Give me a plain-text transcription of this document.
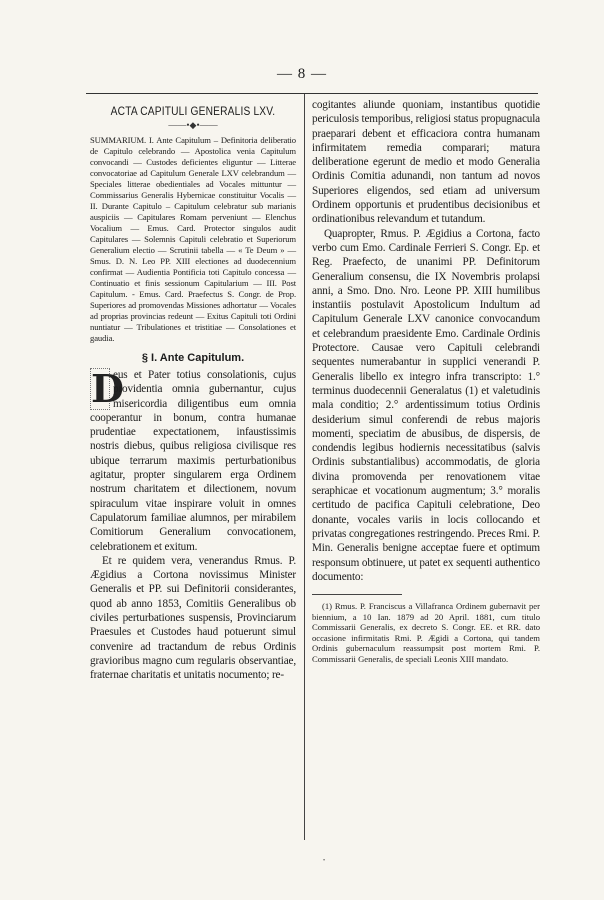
— 8 —
ACTA CAPITULI GENERALIS LXV.
——•◆•——

SUMMARIUM. I. Ante Capitulum – Definitoria deliberatio de Capitulo celebrando — Apostolica venia Capitulum convocandi — Custodes deficientes eliguntur — Litterae convocatoriae ad Capitulum Generale LXV celebrandum — Speciales litterae obedientiales ad Vocales mittuntur — Commissarius Generalis Hybernicae constituitur Vocalis — II. Durante Capitulo – Capitulum celebratur sub marianis auspiciis — Capitulares Romam perveniunt — Elenchus Vocalium — Emus. Card. Protector singulos audit Capitulares — Solemnis Capituli celebratio et Superiorum Generalium electio — Scrutinii tabella — « Te Deum » — Smus. D. N. Leo PP. XIII electiones ad duodecennium confirmat — Audientia Pontificia toti Capitulo concessa — Continuatio et finis sessionum Capitularium — III. Post Capitulum. - Emus. Card. Praefectus S. Congr. de Prop. Superiores ad promovendas Missiones adhortatur — Vocales ad proprias provincias redeunt — Exitus Capituli toti Ordini nuntiatur — Tribulationes et tristitiae — Consolationes et gaudia.

§ I. Ante Capitulum.

D
eus et Pater totius consolationis, cujus providentia omnia gubernantur, cujus misericordia diligentibus eum omnia cooperantur in bonum, contra humanae prudentiae expectationem, infaustissimis nostris diebus, quibus religiosa civilisque res ubique terrarum maximis perturbationibus agitatur, propter singularem erga Ordinem nostrum charitatem et dilectionem, novum spiraculum vitae inspirare voluit in omnes Capulatorum familiae alumnos, per mirabilem Comitiorum Generalium convocationem, celebrationem et exitum.

Et re quidem vera, venerandus Rmus. P. Ægidius a Cortona novissimus Minister Generalis et PP. sui Definitorii considerantes, quod ab anno 1853, Comitiis Generalibus ob civiles perturbationes suspensis, Provinciarum Praesules et Custodes haud potuerunt simul convenire ad tractandum de rebus Ordinis gravioribus magno cum regularis observantiae, fraternae charitatis et unitatis nocumento; re-

cogitantes aliunde quoniam, instantibus quotidie periculosis temporibus, religiosi status propugnacula praeparari debent et efficaciora contra humanam infirmitatem remedia comparari; matura deliberatione egerunt de medio et modo Generalia Ordinis Comitia adunandi, non tantum ad novos Superiores eligendos, sed etiam ad universum Ordinem opportunis et prudentibus decisionibus et ordinationibus relevandum et tutandum.

Quapropter, Rmus. P. Ægidius a Cortona, facto verbo cum Emo. Cardinale Ferrieri S. Congr. Ep. et Reg. Praefecto, de unanimi PP. Definitorum Generalium consensu, die IX Novembris prolapsi anni, a Smo. Dno. Nro. Leone PP. XIII humilibus instantiis postulavit Apostolicum Indultum ad Capitulum Generale LXV canonice convocandum et celebrandum praesidente Emo. Cardinale Ordinis Protectore. Causae vero Capituli celebrandi sequentes numerabantur in supplici venerandi P. Generalis libello ex integro infra transcripto: 1.° terminus duodecennii Generalatus (1) et valetudinis mala conditio; 2.° ardentissimum totius Ordinis desiderium simul conferendi de rebus majoris momenti, speciatim de abusibus, de dispersis, de condendis legibus hodiernis necessitatibus (salvis Ordinis substantialibus) accommodatis, de gloria divina promovenda per renovationem vitae seraphicae et vocationum augmentum; 3.° moralis certitudo de pacifica Capituli celebratione, Deo donante, vocales variis in locis collocando et privatas congregationes restringendo. Preces Rmi. P. Min. Generalis benigne acceptae fuere et optimum responsum obtinuere, ut patet ex sequenti authentico documento:

(1) Rmus. P. Franciscus a Villafranca Ordinem gubernavit per biennium, a 10 Ian. 1879 ad 20 April. 1881, cum titulo Commissarii Generalis, ex decreto S. Congr. EE. et RR. dato occasione infirmitatis Rmi. P. Ægidi a Cortona, qui tandem Ordinis gubernaculum reassumpsit post mortem Rmi. P. Commissarii Generalis, de speciali Leonis XIII mandato.

•
